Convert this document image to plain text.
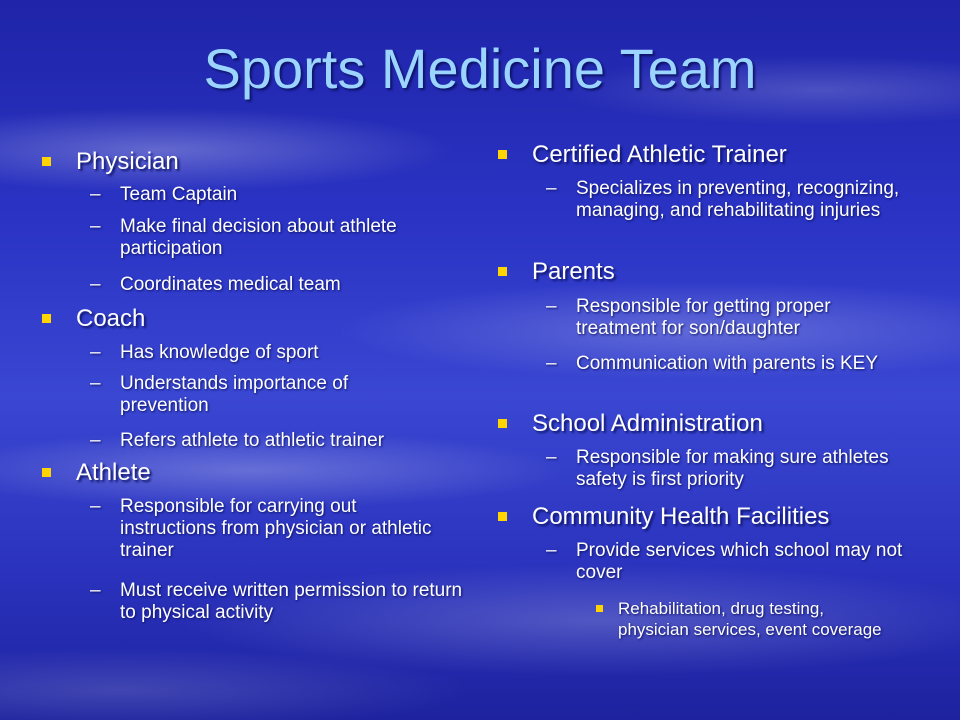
Sports Medicine Team
Physician
– Team Captain
– Make final decision about athlete participation
– Coordinates medical team
Coach
– Has knowledge of sport
– Understands importance of prevention
– Refers athlete to athletic trainer
Athlete
– Responsible for carrying out instructions from physician or athletic trainer
– Must receive written permission to return to physical activity
Certified Athletic Trainer
– Specializes in preventing, recognizing, managing, and rehabilitating injuries
Parents
– Responsible for getting proper treatment for son/daughter
– Communication with parents is KEY
School Administration
– Responsible for making sure athletes safety is first priority
Community Health Facilities
– Provide services which school may not cover
Rehabilitation, drug testing, physician services, event coverage
